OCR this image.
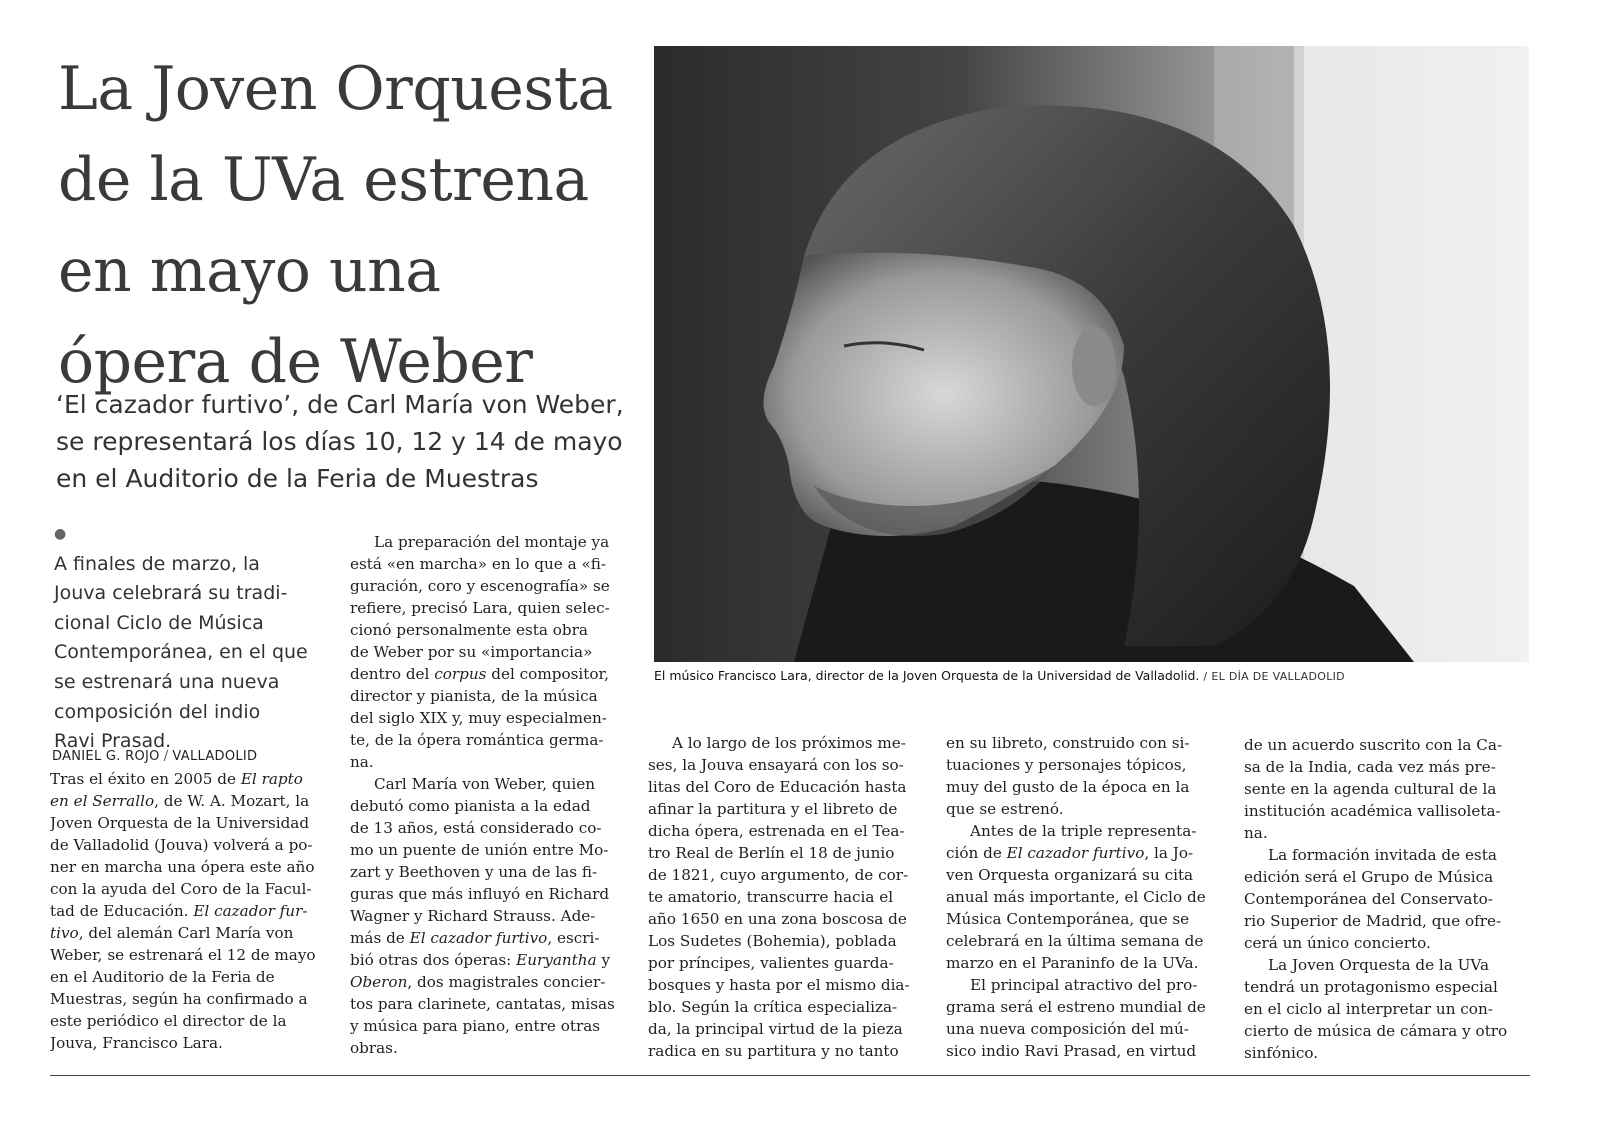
La Joven Orquesta
de la UVa estrena
en mayo una
ópera de Weber
‘El cazador furtivo’, de Carl María von Weber,
se representará los días 10, 12 y 14 de mayo
en el Auditorio de la Feria de Muestras
●
A finales de marzo, la
Jouva celebrará su tradi-
cional Ciclo de Música
Contemporánea, en el que
se estrenará una nueva
composición del indio
Ravi Prasad.
DANIEL G. ROJO / VALLADOLID
Tras el éxito en 2005 de El rapto
en el Serrallo, de W. A. Mozart, la
Joven Orquesta de la Universidad
de Valladolid (Jouva) volverá a po-
ner en marcha una ópera este año
con la ayuda del Coro de la Facul-
tad de Educación. El cazador fur-
tivo, del alemán Carl María von
Weber, se estrenará el 12 de mayo
en el Auditorio de la Feria de
Muestras, según ha confirmado a
este periódico el director de la
Jouva, Francisco Lara.
La preparación del montaje ya
está «en marcha» en lo que a «fi-
guración, coro y escenografía» se
refiere, precisó Lara, quien selec-
cionó personalmente esta obra
de Weber por su «importancia»
dentro del corpus del compositor,
director y pianista, de la música
del siglo XIX y, muy especialmen-
te, de la ópera romántica germa-
na.
Carl María von Weber, quien
debutó como pianista a la edad
de 13 años, está considerado co-
mo un puente de unión entre Mo-
zart y Beethoven y una de las fi-
guras que más influyó en Richard
Wagner y Richard Strauss. Ade-
más de El cazador furtivo, escri-
bió otras dos óperas: Euryantha y
Oberon, dos magistrales concier-
tos para clarinete, cantatas, misas
y música para piano, entre otras
obras.
A lo largo de los próximos me-
ses, la Jouva ensayará con los so-
litas del Coro de Educación hasta
afinar la partitura y el libreto de
dicha ópera, estrenada en el Tea-
tro Real de Berlín el 18 de junio
de 1821, cuyo argumento, de cor-
te amatorio, transcurre hacia el
año 1650 en una zona boscosa de
Los Sudetes (Bohemia), poblada
por príncipes, valientes guarda-
bosques y hasta por el mismo dia-
blo. Según la crítica especializa-
da, la principal virtud de la pieza
radica en su partitura y no tanto
en su libreto, construido con si-
tuaciones y personajes tópicos,
muy del gusto de la época en la
que se estrenó.
Antes de la triple representa-
ción de El cazador furtivo, la Jo-
ven Orquesta organizará su cita
anual más importante, el Ciclo de
Música Contemporánea, que se
celebrará en la última semana de
marzo en el Paraninfo de la UVa.
El principal atractivo del pro-
grama será el estreno mundial de
una nueva composición del mú-
sico indio Ravi Prasad, en virtud
de un acuerdo suscrito con la Ca-
sa de la India, cada vez más pre-
sente en la agenda cultural de la
institución académica vallisoleta-
na.
La formación invitada de esta
edición será el Grupo de Música
Contemporánea del Conservato-
rio Superior de Madrid, que ofre-
cerá un único concierto.
La Joven Orquesta de la UVa
tendrá un protagonismo especial
en el ciclo al interpretar un con-
cierto de música de cámara y otro
sinfónico.
El músico Francisco Lara, director de la Joven Orquesta de la Universidad de Valladolid. / EL DÍA DE VALLADOLID
